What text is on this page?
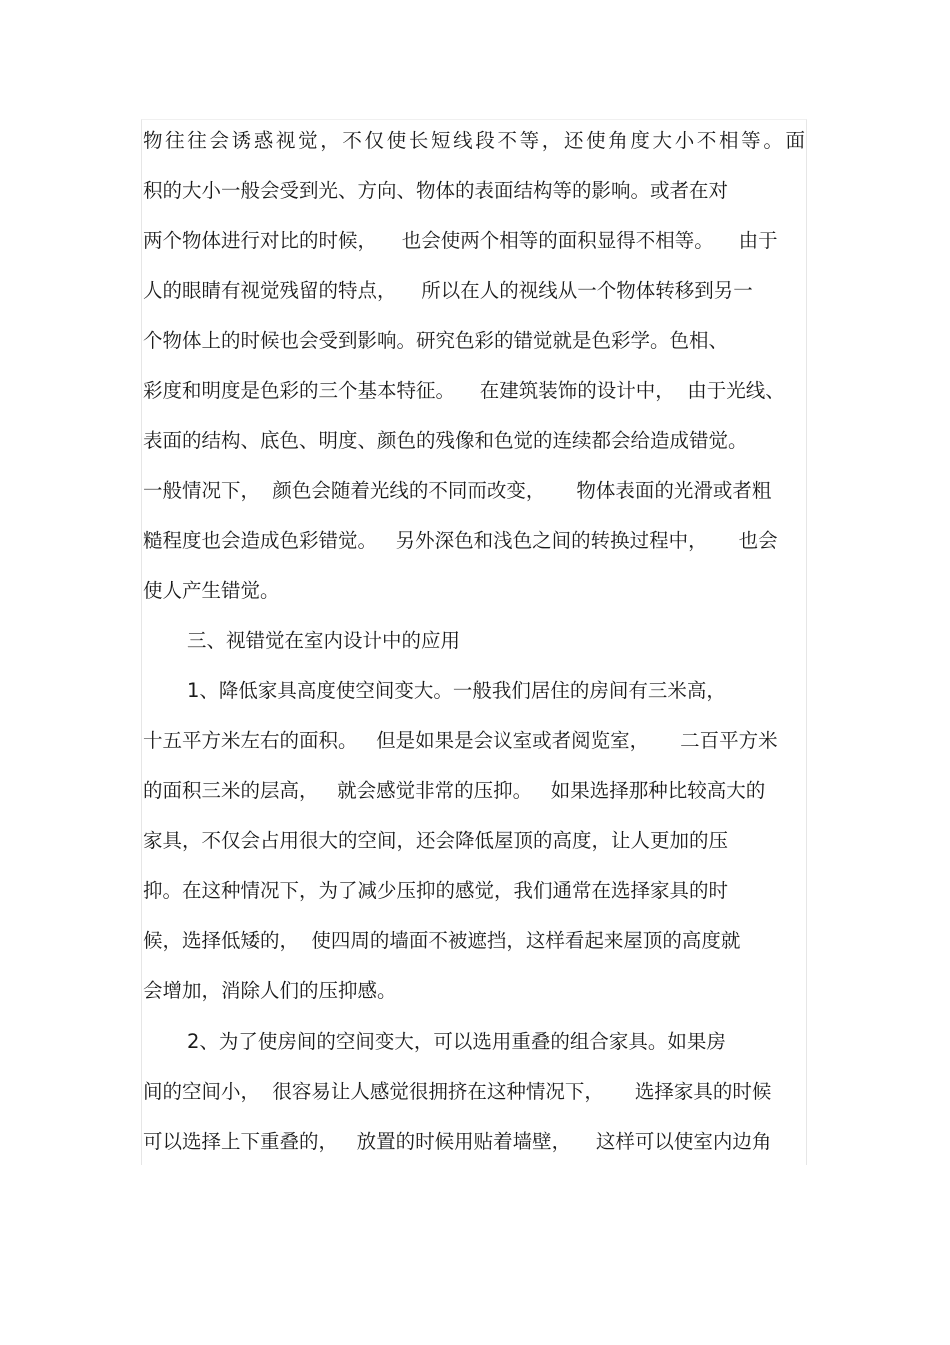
物往往会诱惑视觉，不仅使长短线段不等，还使角度大小不相等。面
积的大小一般会受到光、方向、物体的表面结构等的影响。或者在对
两个物体进行对比的时候，    也会使两个相等的面积显得不相等。    由于
人的眼睛有视觉残留的特点，    所以在人的视线从一个物体转移到另一
个物体上的时候也会受到影响。研究色彩的错觉就是色彩学。色相、
彩度和明度是色彩的三个基本特征。    在建筑装饰的设计中，  由于光线、
表面的结构、底色、明度、颜色的残像和色觉的连续都会给造成错觉。
一般情况下，  颜色会随着光线的不同而改变，     物体表面的光滑或者粗
糙程度也会造成色彩错觉。   另外深色和浅色之间的转换过程中，     也会
使人产生错觉。
三、视错觉在室内设计中的应用
1、降低家具高度使空间变大。一般我们居住的房间有三米高，
十五平方米左右的面积。   但是如果是会议室或者阅览室，     二百平方米
的面积三米的层高，   就会感觉非常的压抑。   如果选择那种比较高大的
家具，不仅会占用很大的空间，还会降低屋顶的高度，让人更加的压
抑。在这种情况下，为了减少压抑的感觉，我们通常在选择家具的时
候，选择低矮的，  使四周的墙面不被遮挡，这样看起来屋顶的高度就
会增加，消除人们的压抑感。
2、为了使房间的空间变大，可以选用重叠的组合家具。如果房
间的空间小，  很容易让人感觉很拥挤在这种情况下，     选择家具的时候
可以选择上下重叠的，   放置的时候用贴着墙壁，    这样可以使室内边角
